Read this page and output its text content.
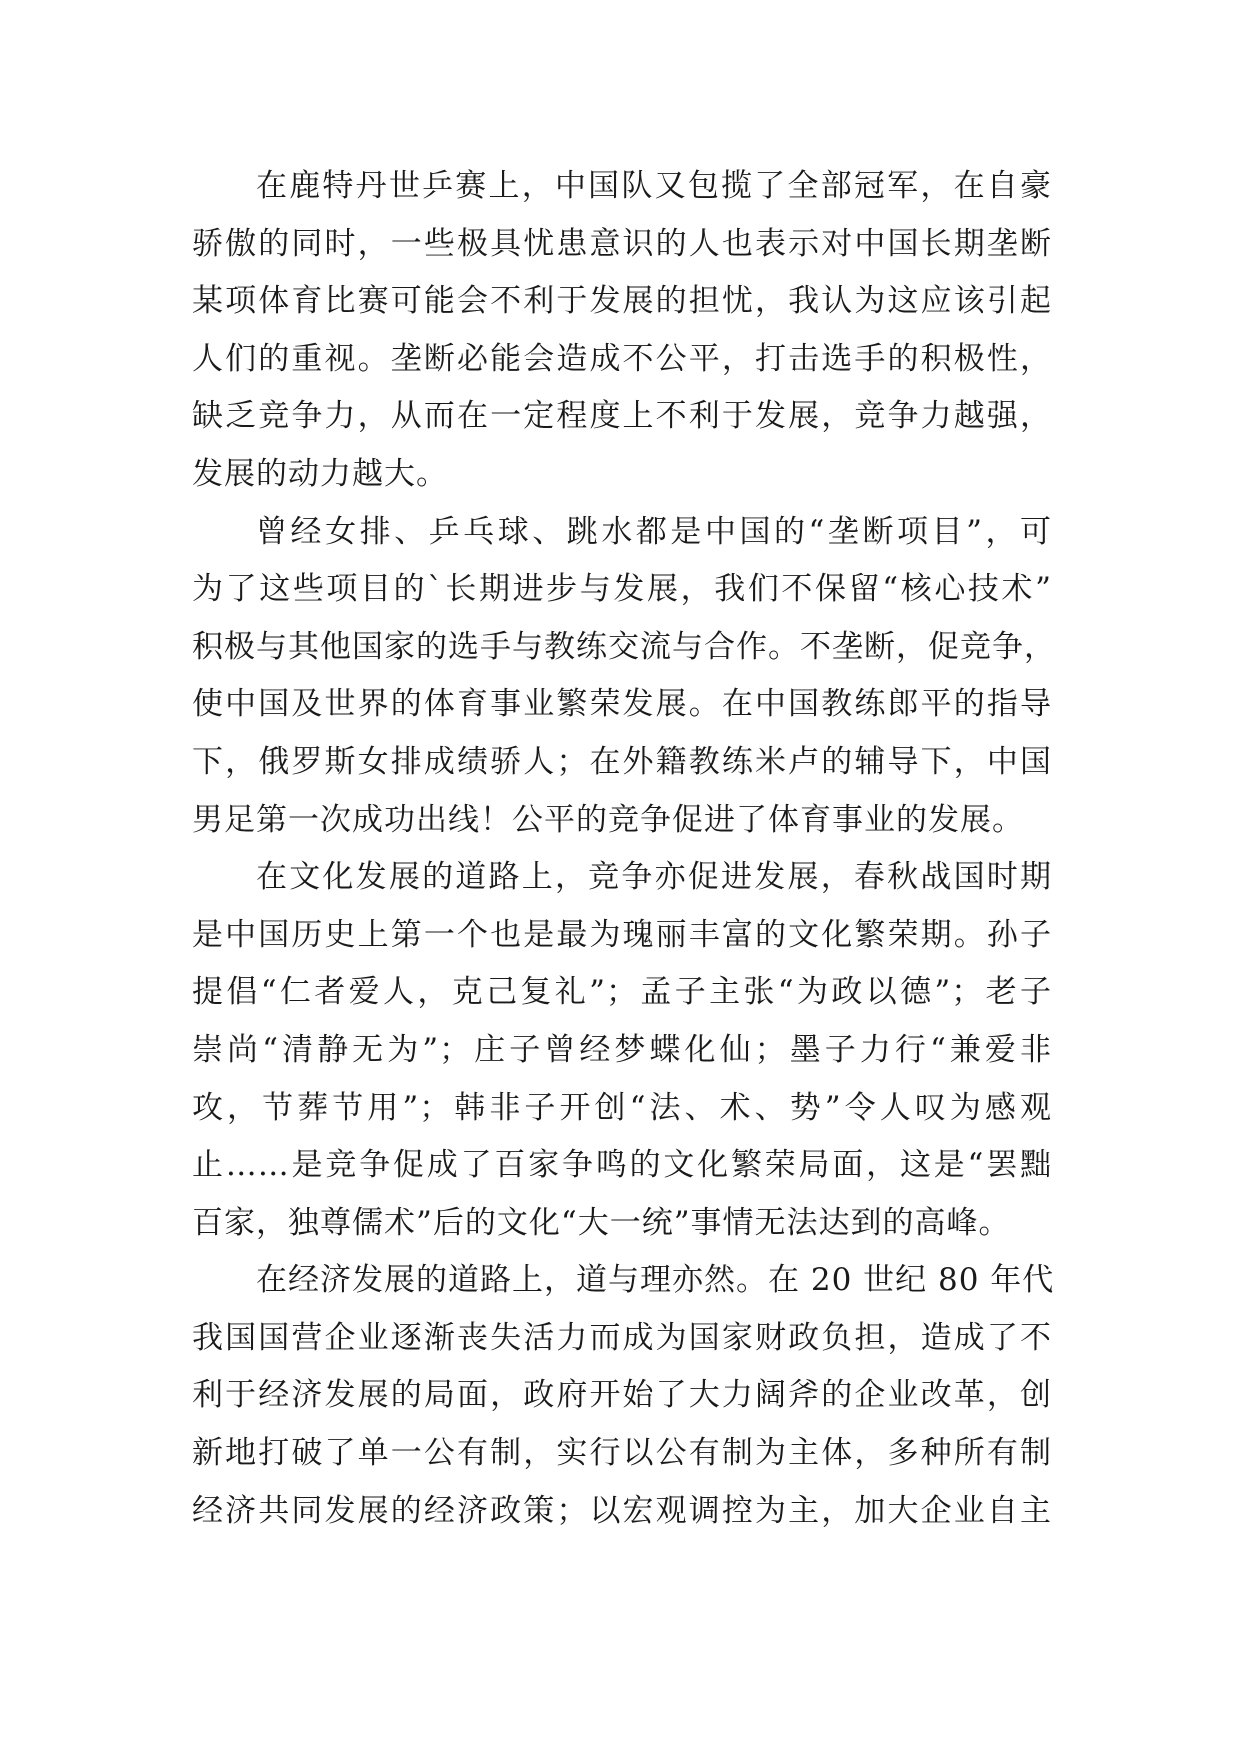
在鹿特丹世乒赛上，中国队又包揽了全部冠军，在自豪
骄傲的同时，一些极具忧患意识的人也表示对中国长期垄断
某项体育比赛可能会不利于发展的担忧，我认为这应该引起
人们的重视。垄断必能会造成不公平，打击选手的积极性，
缺乏竞争力，从而在一定程度上不利于发展，竞争力越强，
发展的动力越大。
曾经女排、乒乓球、跳水都是中国的“垄断项目”，可
为了这些项目的`长期进步与发展，我们不保留“核心技术”
积极与其他国家的选手与教练交流与合作。不垄断，促竞争，
使中国及世界的体育事业繁荣发展。在中国教练郎平的指导
下，俄罗斯女排成绩骄人；在外籍教练米卢的辅导下，中国
男足第一次成功出线！公平的竞争促进了体育事业的发展。
在文化发展的道路上，竞争亦促进发展，春秋战国时期
是中国历史上第一个也是最为瑰丽丰富的文化繁荣期。孙子
提倡“仁者爱人，克己复礼”；孟子主张“为政以德”；老子
崇尚“清静无为”；庄子曾经梦蝶化仙；墨子力行“兼爱非
攻，节葬节用”；韩非子开创“法、术、势”令人叹为感观
止……是竞争促成了百家争鸣的文化繁荣局面，这是“罢黜
百家，独尊儒术”后的文化“大一统”事情无法达到的高峰。
在经济发展的道路上，道与理亦然。在 20 世纪 80 年代
我国国营企业逐渐丧失活力而成为国家财政负担，造成了不
利于经济发展的局面，政府开始了大力阔斧的企业改革，创
新地打破了单一公有制，实行以公有制为主体，多种所有制
经济共同发展的经济政策；以宏观调控为主，加大企业自主
